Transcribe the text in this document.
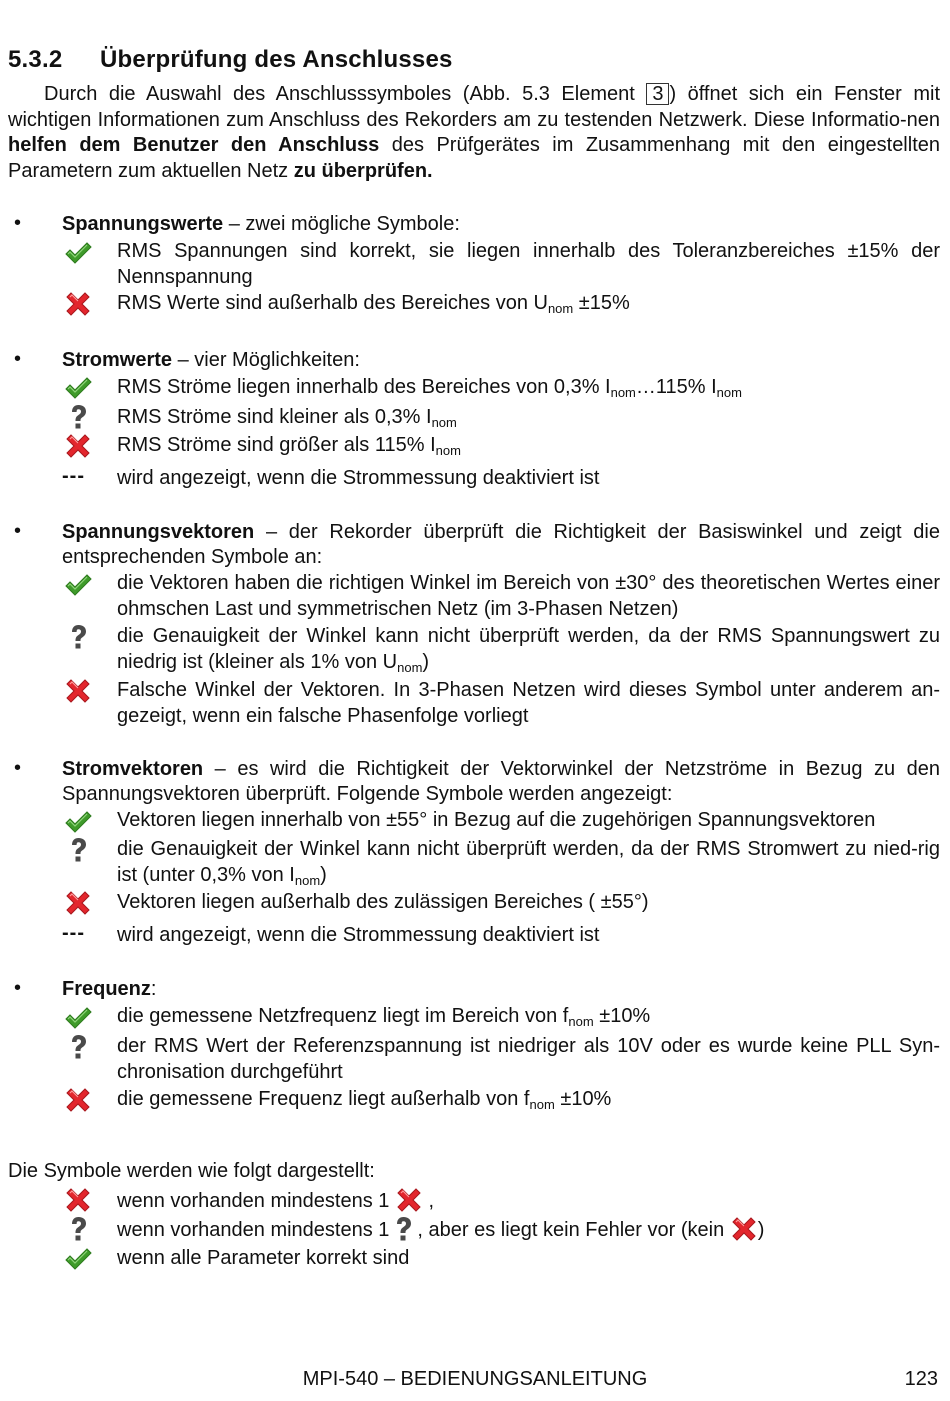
5.3.2 Überprüfung des Anschlusses
Durch die Auswahl des Anschlusssymboles (Abb. 5.3 Element 3 ) öffnet sich ein Fenster mit wichtigen Informationen zum Anschluss des Rekorders am zu testenden Netzwerk. Diese Informatio-nen helfen dem Benutzer den Anschluss des Prüfgerätes im Zusammenhang mit den eingestellten Parametern zum aktuellen Netz zu überprüfen.
• Spannungswerte – zwei mögliche Symbole:
RMS Spannungen sind korrekt, sie liegen innerhalb des Toleranzbereiches ±15% der Nennspannung
RMS Werte sind außerhalb des Bereiches von $U_{nom} \pm 15\%$
• Stromwerte – vier Möglichkeiten:
RMS Ströme liegen innerhalb des Bereiches von 0,3% $I_{nom}\dots 115\%$ $I_{nom}$
RMS Ströme sind kleiner als 0,3% $I_{nom}$
RMS Ströme sind größer als 115% $I_{nom}$
--- wird angezeigt, wenn die Strommessung deaktiviert ist
• Spannungsvektoren – der Rekorder überprüft die Richtigkeit der Basiswinkel und zeigt die entsprechenden Symbole an:
die Vektoren haben die richtigen Winkel im Bereich von ±30° des theoretischen Wertes einer ohmschen Last und symmetrischen Netz (im 3-Phasen Netzen)
die Genauigkeit der Winkel kann nicht überprüft werden, da der RMS Spannungswert zu niedrig ist (kleiner als 1% von $U_{nom}$)
Falsche Winkel der Vektoren. In 3-Phasen Netzen wird dieses Symbol unter anderem an-gezeigt, wenn ein falsche Phasenfolge vorliegt
• Stromvektoren – es wird die Richtigkeit der Vektorwinkel der Netzströme in Bezug zu den Spannungsvektoren überprüft. Folgende Symbole werden angezeigt:
Vektoren liegen innerhalb von ±55° in Bezug auf die zugehörigen Spannungsvektoren
die Genauigkeit der Winkel kann nicht überprüft werden, da der RMS Stromwert zu nied-rig ist (unter 0,3% von $I_{nom}$)
Vektoren liegen außerhalb des zulässigen Bereiches ( ±55°)
--- wird angezeigt, wenn die Strommessung deaktiviert ist
• Frequenz:
die gemessene Netzfrequenz liegt im Bereich von $f_{nom} \pm 10\%$
der RMS Wert der Referenzspannung ist niedriger als 10V oder es wurde keine PLL Syn-chronisation durchgeführt
die gemessene Frequenz liegt außerhalb von $f_{nom} \pm 10\%$
Die Symbole werden wie folgt dargestellt:
wenn vorhanden mindestens 1  ,
wenn vorhanden mindestens 1 , aber es liegt kein Fehler vor (kein )
wenn alle Parameter korrekt sind
MPI-540 – BEDIENUNGSANLEITUNG	123
